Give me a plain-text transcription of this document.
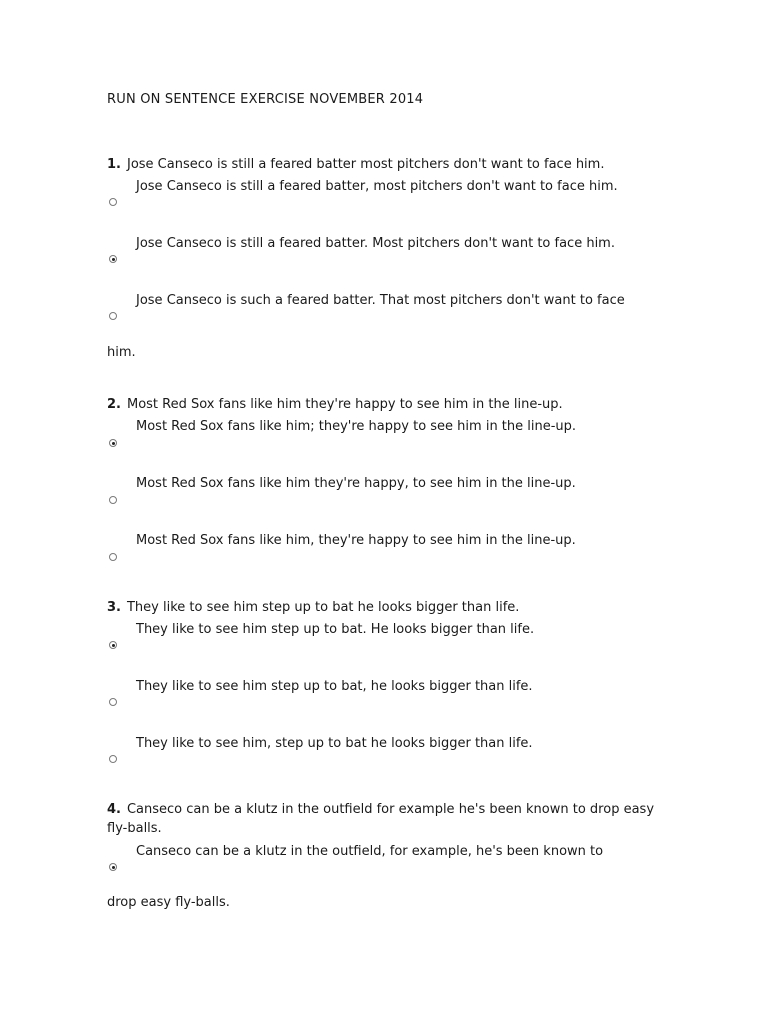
RUN ON SENTENCE EXERCISE NOVEMBER 2014
1. Jose Canseco is still a feared batter most pitchers don't want to face him.
Jose Canseco is still a feared batter, most pitchers don't want to face him.
Jose Canseco is still a feared batter. Most pitchers don't want to face him.
Jose Canseco is such a feared batter. That most pitchers don't want to face
him.
2. Most Red Sox fans like him they're happy to see him in the line-up.
Most Red Sox fans like him; they're happy to see him in the line-up.
Most Red Sox fans like him they're happy, to see him in the line-up.
Most Red Sox fans like him, they're happy to see him in the line-up.
3. They like to see him step up to bat he looks bigger than life.
They like to see him step up to bat. He looks bigger than life.
They like to see him step up to bat, he looks bigger than life.
They like to see him, step up to bat he looks bigger than life.
4. Canseco can be a klutz in the outfield for example he's been known to drop easy fly-balls.
Canseco can be a klutz in the outfield, for example, he's been known to
drop easy fly-balls.
